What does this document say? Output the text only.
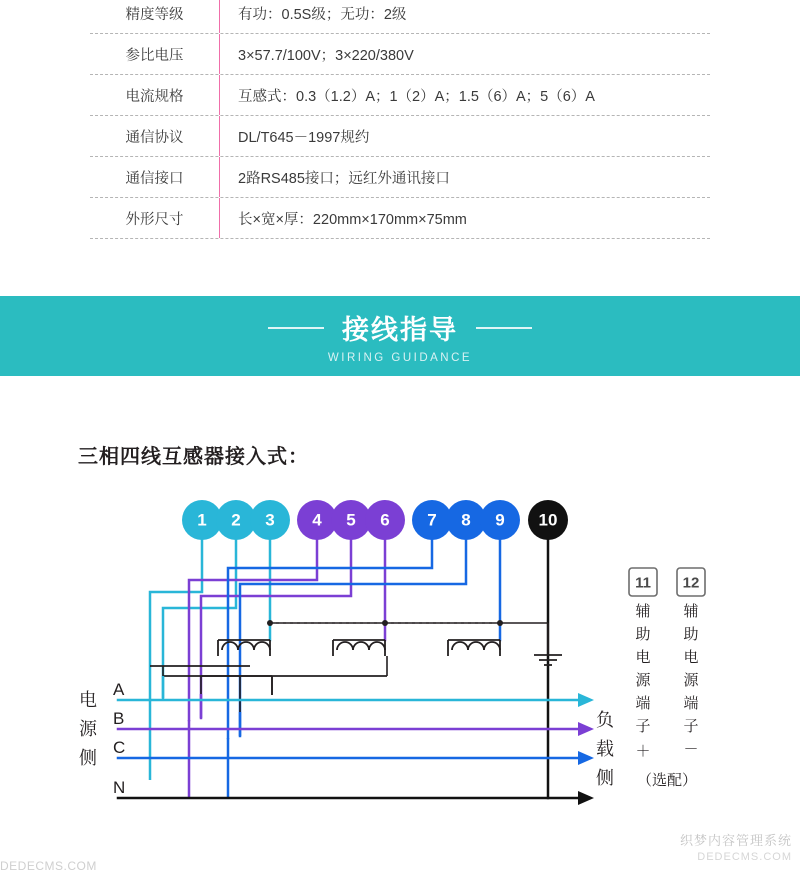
精度等级	有功：0.5S级；无功：2级
参比电压	3×57.7/100V；3×220/380V
电流规格	互感式：0.3（1.2）A；1（2）A；1.5（6）A；5（6）A
通信协议	DL/T645－1997规约
通信接口	2路RS485接口；远红外通讯接口
外形尺寸	长×宽×厚：220mm×170mm×75mm
接线指导
WIRING GUIDANCE
三相四线互感器接入式：
1 2 3 4 5 6 7 8 9 10
11 12
辅
助
电
源
端
子
＋
辅
助
电
源
端
子
－
（选配）
电
源
侧
负
载
侧
A
B
C
N
DEDECMS.COM
织梦内容管理系统
DEDECMS.COM
